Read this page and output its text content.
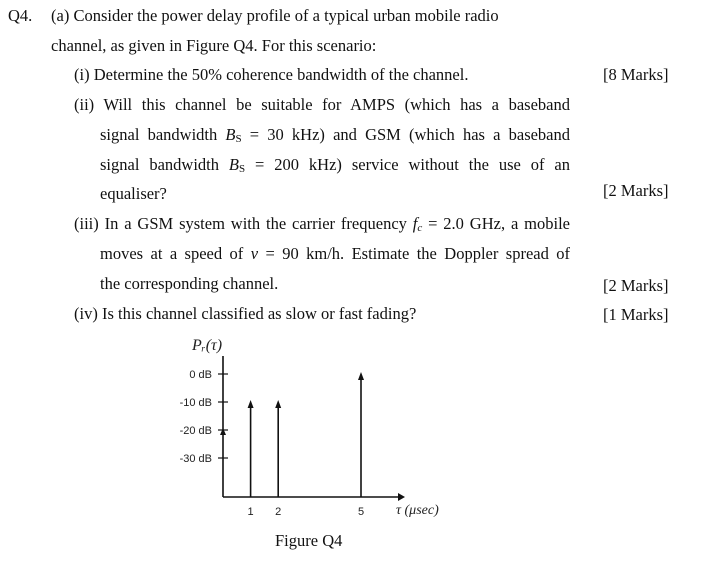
Q4. (a) Consider the power delay profile of a typical urban mobile radio
channel, as given in Figure Q4. For this scenario:
(i) Determine the 50% coherence bandwidth of the channel.	[8 Marks]
(ii) Will this channel be suitable for AMPS (which has a baseband
signal bandwidth BS = 30 kHz) and GSM (which has a baseband
signal bandwidth BS = 200 kHz) service without the use of an
equaliser?	[2 Marks]
(iii) In a GSM system with the carrier frequency fc = 2.0 GHz, a mobile
moves at a speed of v = 90 km/h. Estimate the Doppler spread of
the corresponding channel.	[2 Marks]
(iv) Is this channel classified as slow or fast fading?	[1 Marks]
Pᵣ(τ)
0 dB
-10 dB
-20 dB
-30 dB
1 2	5 τ (μsec)
Figure Q4
